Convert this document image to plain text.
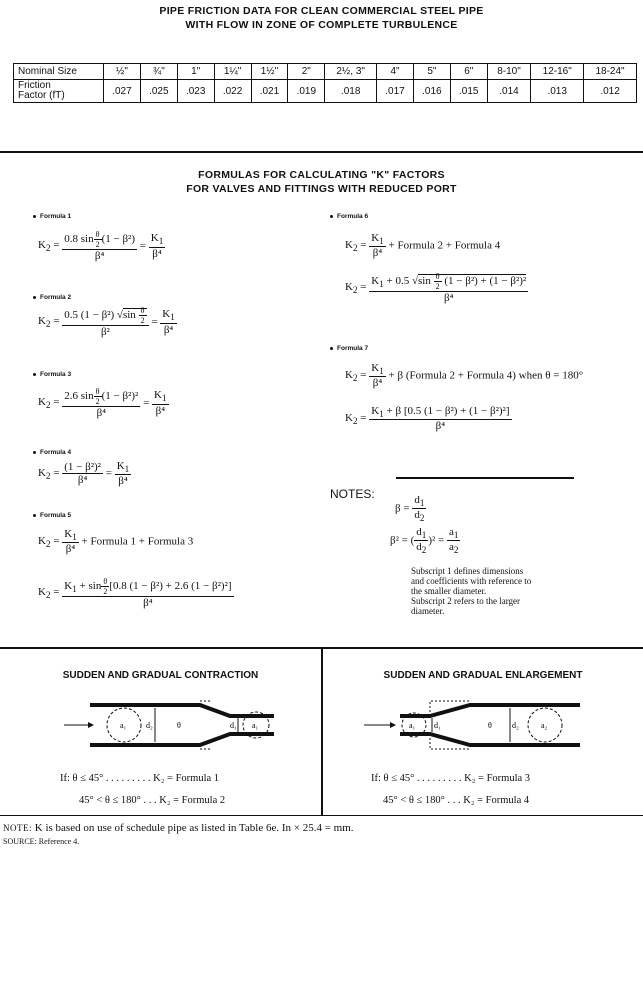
PIPE FRICTION DATA FOR CLEAN COMMERCIAL STEEL PIPE
WITH FLOW IN ZONE OF COMPLETE TURBULENCE
Nominal Size	½"	¾"	1"	1¼"	1½"	2"	2½, 3"	4"	5"	6"	8-10"	12-16"	18-24"
Friction
Factor (fT)	.027	.025	.023	.022	.021	.019	.018	.017	.016	.015	.014	.013	.012
FORMULAS FOR CALCULATING "K" FACTORS
FOR VALVES AND FITTINGS WITH REDUCED PORT
Formula 1
$K_2 = \frac{0.8 \sin \frac{\theta}{2} (1 - \beta^2)}{\text{β⁴}} = \frac{K_1}{\text{β⁴}}$
Formula 2
$K_2 = \frac{0.5 (1 - \beta^2) √\sin \frac{\theta}{2}}{\text{β²}} = \frac{K_1}{\text{β⁴}}$
Formula 3
$K_2 = \frac{2.6 \sin \frac{\theta}{2} (1 - \beta^2)^2}{\text{β⁴}} = \frac{K_1}{\text{β⁴}}$
Formula 4
$K_2 = \frac{\text{(1 − β²)²}}{\text{β⁴}} = \frac{K_1}{\text{β⁴}}$
Formula 5
$K_2 = \frac{K_1}{\text{β⁴}}$ + Formula 1 + Formula 3
$K_2 = \frac{K_1 + \sin \frac{\theta}{2} [0.8 (1 - \beta^2) + 2.6 (1 - \beta^2)^2]}{\text{β⁴}}$
Formula 6
$K_2 = \frac{K_1}{\text{β⁴}}$ + Formula 2 + Formula 4
$K_2 = \frac{K_1 + 0.5 √\sin \frac{\theta}{2} (1 - \beta^2) + (1 - \beta^2)^2}{\text{β⁴}}$
Formula 7
$K_2 = \frac{K_1}{\text{β⁴}} + \beta$ (Formula 2 + Formula 4) when θ = 180°
$K_2 = \frac{K_1 + \beta [0.5 (1 - \beta^2) + (1 - \beta^2)^2]}{\text{β⁴}}$
NOTES:
$\beta = \frac{d_1}{d_2}$
β² = ( $\frac{d_1}{d_2} )^2 = \frac{a_1}{a_2}$
Subscript 1 defines dimensions
and coefficients with reference to
the smaller diameter.
Subscript 2 refers to the larger
diameter.
SUDDEN AND GRADUAL CONTRACTION
a₁ d₂	θ	d₁ a₁
If: θ ≤ 45° . . . . . . . . . K₂ = Formula 1
45° < θ ≤ 180° . . . K₂ = Formula 2
SUDDEN AND GRADUAL ENLARGEMENT
a₁ d₁	θ	d₂	a₂
If: θ ≤ 45° . . . . . . . . . K₂ = Formula 3
45° < θ ≤ 180° . . . K₂ = Formula 4
NOTE: K is based on use of schedule pipe as listed in Table 6e. In × 25.4 = mm.
SOURCE: Reference 4.
